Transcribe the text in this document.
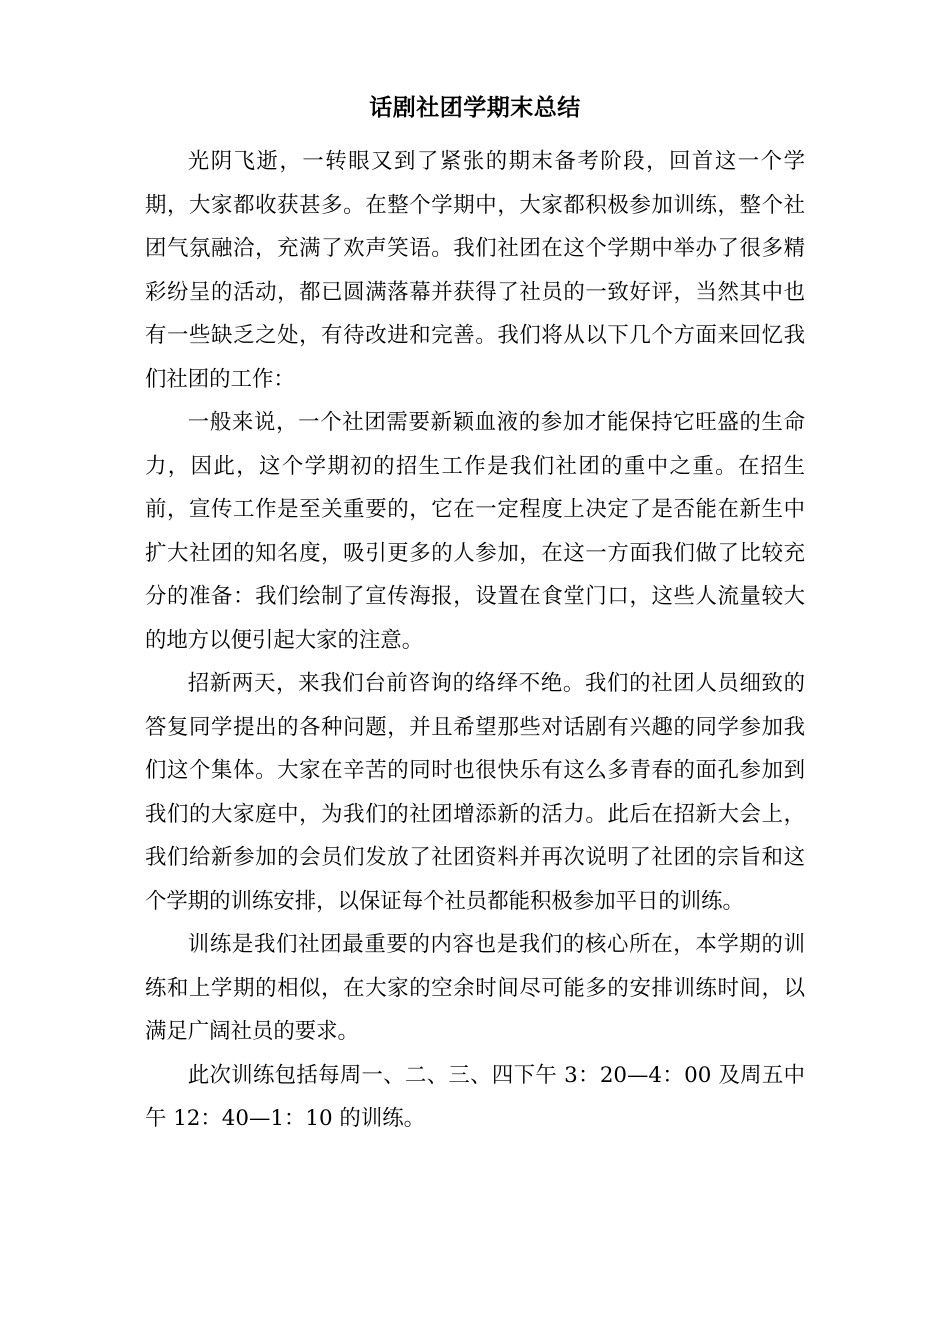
话剧社团学期末总结

光阴飞逝，一转眼又到了紧张的期末备考阶段，回首这一个学期，大家都收获甚多。在整个学期中，大家都积极参加训练，整个社团气氛融洽，充满了欢声笑语。我们社团在这个学期中举办了很多精彩纷呈的活动，都已圆满落幕并获得了社员的一致好评，当然其中也有一些缺乏之处，有待改进和完善。我们将从以下几个方面来回忆我们社团的工作：

一般来说，一个社团需要新颖血液的参加才能保持它旺盛的生命力，因此，这个学期初的招生工作是我们社团的重中之重。在招生前，宣传工作是至关重要的，它在一定程度上决定了是否能在新生中扩大社团的知名度，吸引更多的人参加，在这一方面我们做了比较充分的准备：我们绘制了宣传海报，设置在食堂门口，这些人流量较大的地方以便引起大家的注意。

招新两天，来我们台前咨询的络绎不绝。我们的社团人员细致的答复同学提出的各种问题，并且希望那些对话剧有兴趣的同学参加我们这个集体。大家在辛苦的同时也很快乐有这么多青春的面孔参加到我们的大家庭中，为我们的社团增添新的活力。此后在招新大会上，我们给新参加的会员们发放了社团资料并再次说明了社团的宗旨和这个学期的训练安排，以保证每个社员都能积极参加平日的训练。

训练是我们社团最重要的内容也是我们的核心所在，本学期的训练和上学期的相似，在大家的空余时间尽可能多的安排训练时间，以满足广阔社员的要求。

此次训练包括每周一、二、三、四下午 3：20—4：00 及周五中午 12：40—1：10 的训练。
